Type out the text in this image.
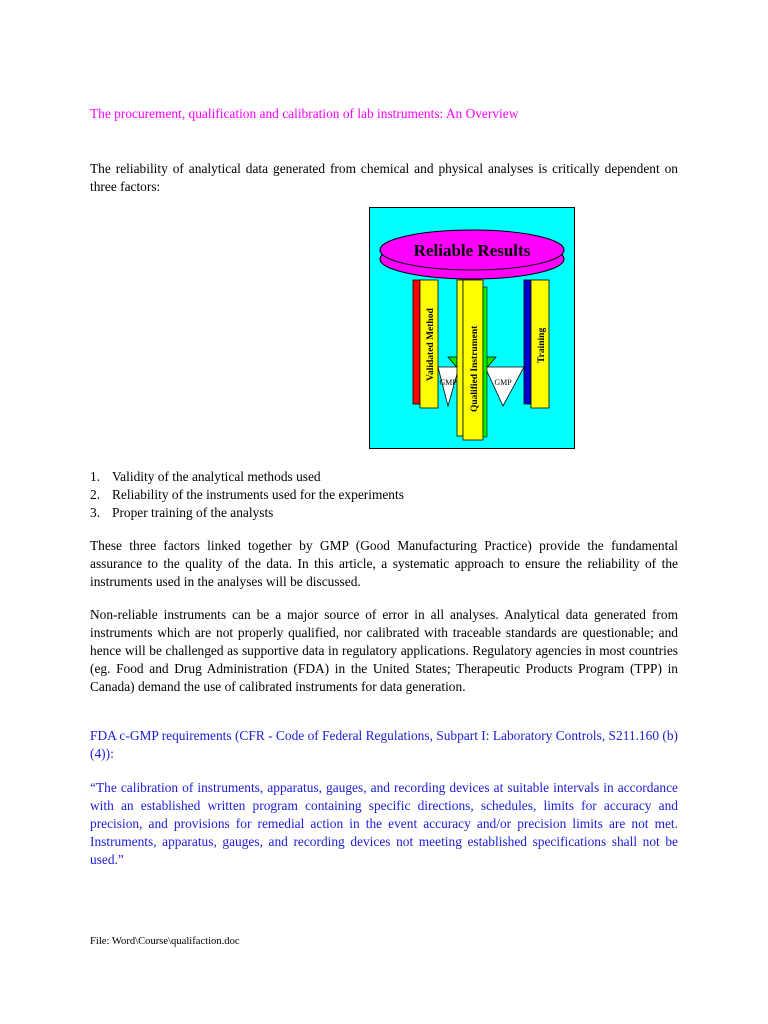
The procurement, qualification and calibration of lab instruments: An Overview

The reliability of analytical data generated from chemical and physical analyses is critically dependent on three factors:

Reliable Results
Validated Method	Qualified Instrument	Training
GMP	GMP
1. Validity of the analytical methods used
2. Reliability of the instruments used for the experiments
3. Proper training of the analysts

These three factors linked together by GMP (Good Manufacturing Practice) provide the fundamental assurance to the quality of the data. In this article, a systematic approach to ensure the reliability of the instruments used in the analyses will be discussed.

Non-reliable instruments can be a major source of error in all analyses. Analytical data generated from instruments which are not properly qualified, nor calibrated with traceable standards are questionable; and hence will be challenged as supportive data in regulatory applications. Regulatory agencies in most countries (eg. Food and Drug Administration (FDA) in the United States; Therapeutic Products Program (TPP) in Canada) demand the use of calibrated instruments for data generation.

FDA c-GMP requirements (CFR - Code of Federal Regulations, Subpart I: Laboratory Controls, S211.160 (b)(4)):

“The calibration of instruments, apparatus, gauges, and recording devices at suitable intervals in accordance with an established written program containing specific directions, schedules, limits for accuracy and precision, and provisions for remedial action in the event accuracy and/or precision limits are not met. Instruments, apparatus, gauges, and recording devices not meeting established specifications shall not be used.”

File: Word\Course\qualifaction.doc
